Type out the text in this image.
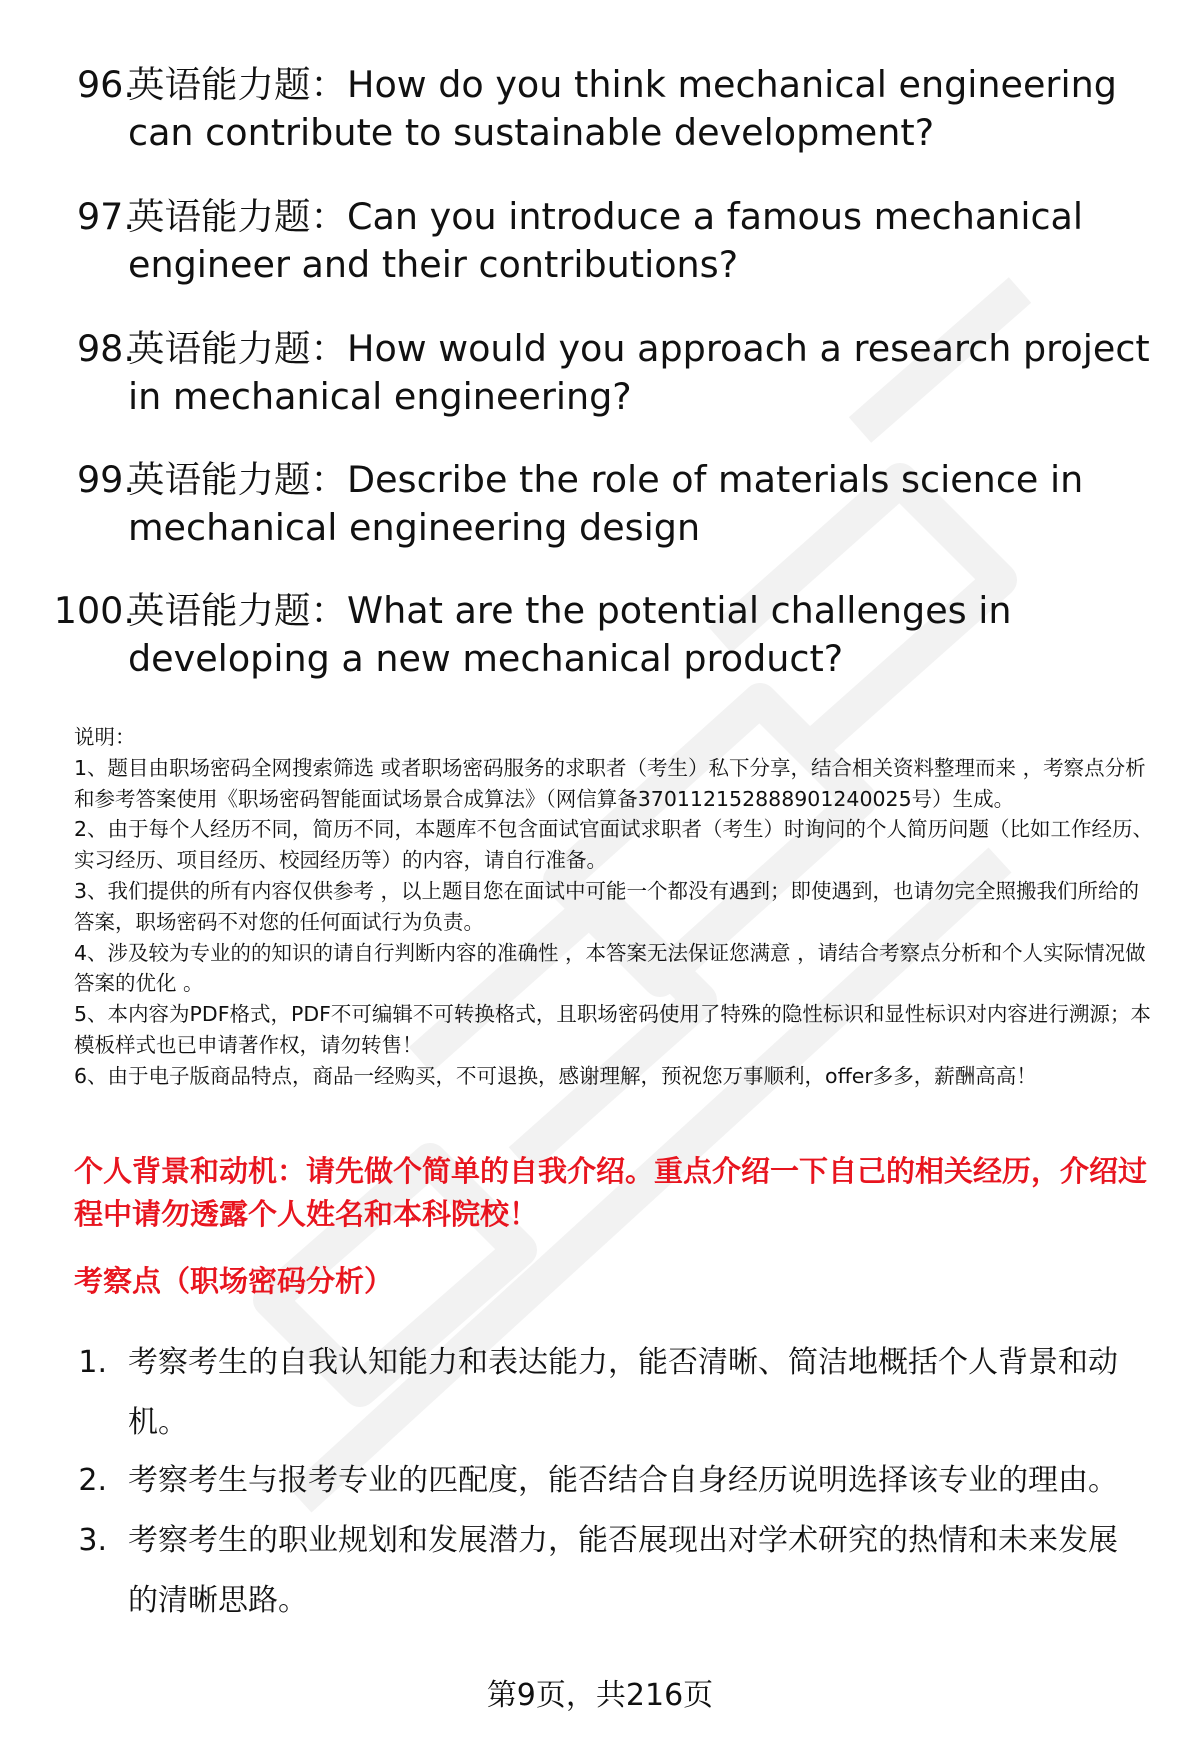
96.
英语能力题：How do you think mechanical engineering can contribute to sustainable development?
97.
英语能力题：Can you introduce a famous mechanical engineer and their contributions?
98.
英语能力题：How would you approach a research project in mechanical engineering?
99.
英语能力题：Describe the role of materials science in mechanical engineering design
100.
英语能力题：What are the potential challenges in developing a new mechanical product?

说明：

1、题目由职场密码全网搜索筛选 或者职场密码服务的求职者（考生）私下分享，结合相关资料整理而来 ，考察点分析和参考答案使用《职场密码智能面试场景合成算法》（网信算备370112152888901240025号）生成。

2、由于每个人经历不同，简历不同，本题库不包含面试官面试求职者（考生）时询问的个人简历问题（比如工作经历、实习经历、项目经历、校园经历等）的内容，请自行准备。

3、我们提供的所有内容仅供参考 ，以上题目您在面试中可能一个都没有遇到；即使遇到，也请勿完全照搬我们所给的答案，职场密码不对您的任何面试行为负责。

4、涉及较为专业的的知识的请自行判断内容的准确性 ，本答案无法保证您满意 ，请结合考察点分析和个人实际情况做答案的优化 。

5、本内容为PDF格式，PDF不可编辑不可转换格式，且职场密码使用了特殊的隐性标识和显性标识对内容进行溯源；本模板样式也已申请著作权，请勿转售！

6、由于电子版商品特点，商品一经购买，不可退换，感谢理解，预祝您万事顺利，offer多多，薪酬高高！

个人背景和动机：请先做个简单的自我介绍。重点介绍一下自己的相关经历，介绍过程中请勿透露个人姓名和本科院校！
考察点（职场密码分析）
1. 考察考生的自我认知能力和表达能力，能否清晰、简洁地概括个人背景和动机。
2. 考察考生与报考专业的匹配度，能否结合自身经历说明选择该专业的理由。
3. 考察考生的职业规划和发展潜力，能否展现出对学术研究的热情和未来发展的清晰思路。
第9页，共216页
